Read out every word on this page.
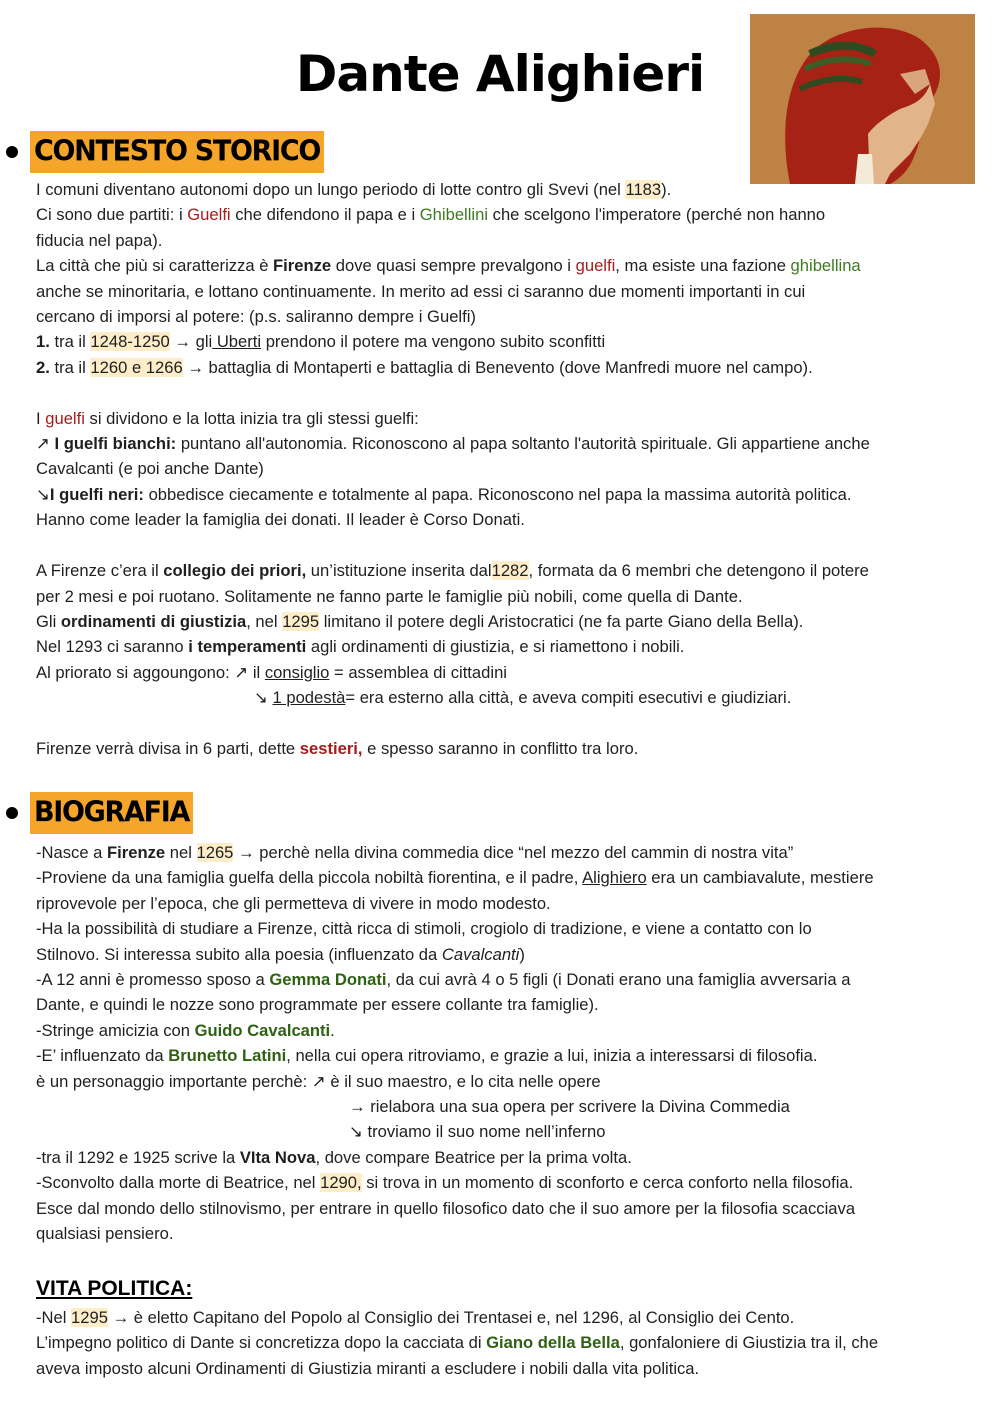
Dante Alighieri
CONTESTO STORICO

I comuni diventano autonomi dopo un lungo periodo di lotte contro gli Svevi (nel 1183).

Ci sono due partiti: i Guelfi che difendono il papa e i Ghibellini che scelgono l'imperatore (perché non hanno

fiducia nel papa).

La città che più si caratterizza è Firenze dove quasi sempre prevalgono i guelfi, ma esiste una fazione ghibellina

anche se minoritaria, e lottano continuamente. In merito ad essi ci saranno due momenti importanti in cui

cercano di imporsi al potere: (p.s. saliranno dempre i Guelfi)

1. tra il 1248-1250 → gli Uberti prendono il potere ma vengono subito sconfitti

2. tra il 1260 e 1266 → battaglia di Montaperti e battaglia di Benevento (dove Manfredi muore nel campo).

I guelfi si dividono e la lotta inizia tra gli stessi guelfi:

↗ I guelfi bianchi: puntano all'autonomia. Riconoscono al papa soltanto l'autorità spirituale. Gli appartiene anche

Cavalcanti (e poi anche Dante)

↘I guelfi neri: obbedisce ciecamente e totalmente al papa. Riconoscono nel papa la massima autorità politica.

Hanno come leader la famiglia dei donati. Il leader è Corso Donati.

A Firenze c’era il collegio dei priori, un’istituzione inserita dal1282, formata da 6 membri che detengono il potere

per 2 mesi e poi ruotano. Solitamente ne fanno parte le famiglie più nobili, come quella di Dante.

Gli ordinamenti di giustizia, nel 1295 limitano il potere degli Aristocratici (ne fa parte Giano della Bella).

Nel 1293 ci saranno i temperamenti agli ordinamenti di giustizia, e si riamettono i nobili.

Al priorato si aggoungono: ↗ il consiglio = assemblea di cittadini

↘ 1 podestà= era esterno alla città, e aveva compiti esecutivi e giudiziari.

Firenze verrà divisa in 6 parti, dette sestieri, e spesso saranno in conflitto tra loro.

BIOGRAFIA

-Nasce a Firenze nel 1265 → perchè nella divina commedia dice “nel mezzo del cammin di nostra vita”

-Proviene da una famiglia guelfa della piccola nobiltà fiorentina, e il padre, Alighiero era un cambiavalute, mestiere

riprovevole per l’epoca, che gli permetteva di vivere in modo modesto.

-Ha la possibilità di studiare a Firenze, città ricca di stimoli, crogiolo di tradizione, e viene a contatto con lo

Stilnovo. Si interessa subito alla poesia (influenzato da Cavalcanti)

-A 12 anni è promesso sposo a Gemma Donati, da cui avrà 4 o 5 figli (i Donati erano una famiglia avversaria a

Dante, e quindi le nozze sono programmate per essere collante tra famiglie).

-Stringe amicizia con Guido Cavalcanti.

-E’ influenzato da Brunetto Latini, nella cui opera ritroviamo, e grazie a lui, inizia a interessarsi di filosofia.

è un personaggio importante perchè: ↗ è il suo maestro, e lo cita nelle opere

→ rielabora una sua opera per scrivere la Divina Commedia

↘ troviamo il suo nome nell’inferno

-tra il 1292 e 1925 scrive la VIta Nova, dove compare Beatrice per la prima volta.

-Sconvolto dalla morte di Beatrice, nel 1290, si trova in un momento di sconforto e cerca conforto nella filosofia.

Esce dal mondo dello stilnovismo, per entrare in quello filosofico dato che il suo amore per la filosofia scacciava

qualsiasi pensiero.

VITA POLITICA:

-Nel 1295 → è eletto Capitano del Popolo al Consiglio dei Trentasei e, nel 1296, al Consiglio dei Cento.

L’impegno politico di Dante si concretizza dopo la cacciata di Giano della Bella, gonfaloniere di Giustizia tra il, che

aveva imposto alcuni Ordinamenti di Giustizia miranti a escludere i nobili dalla vita politica.
